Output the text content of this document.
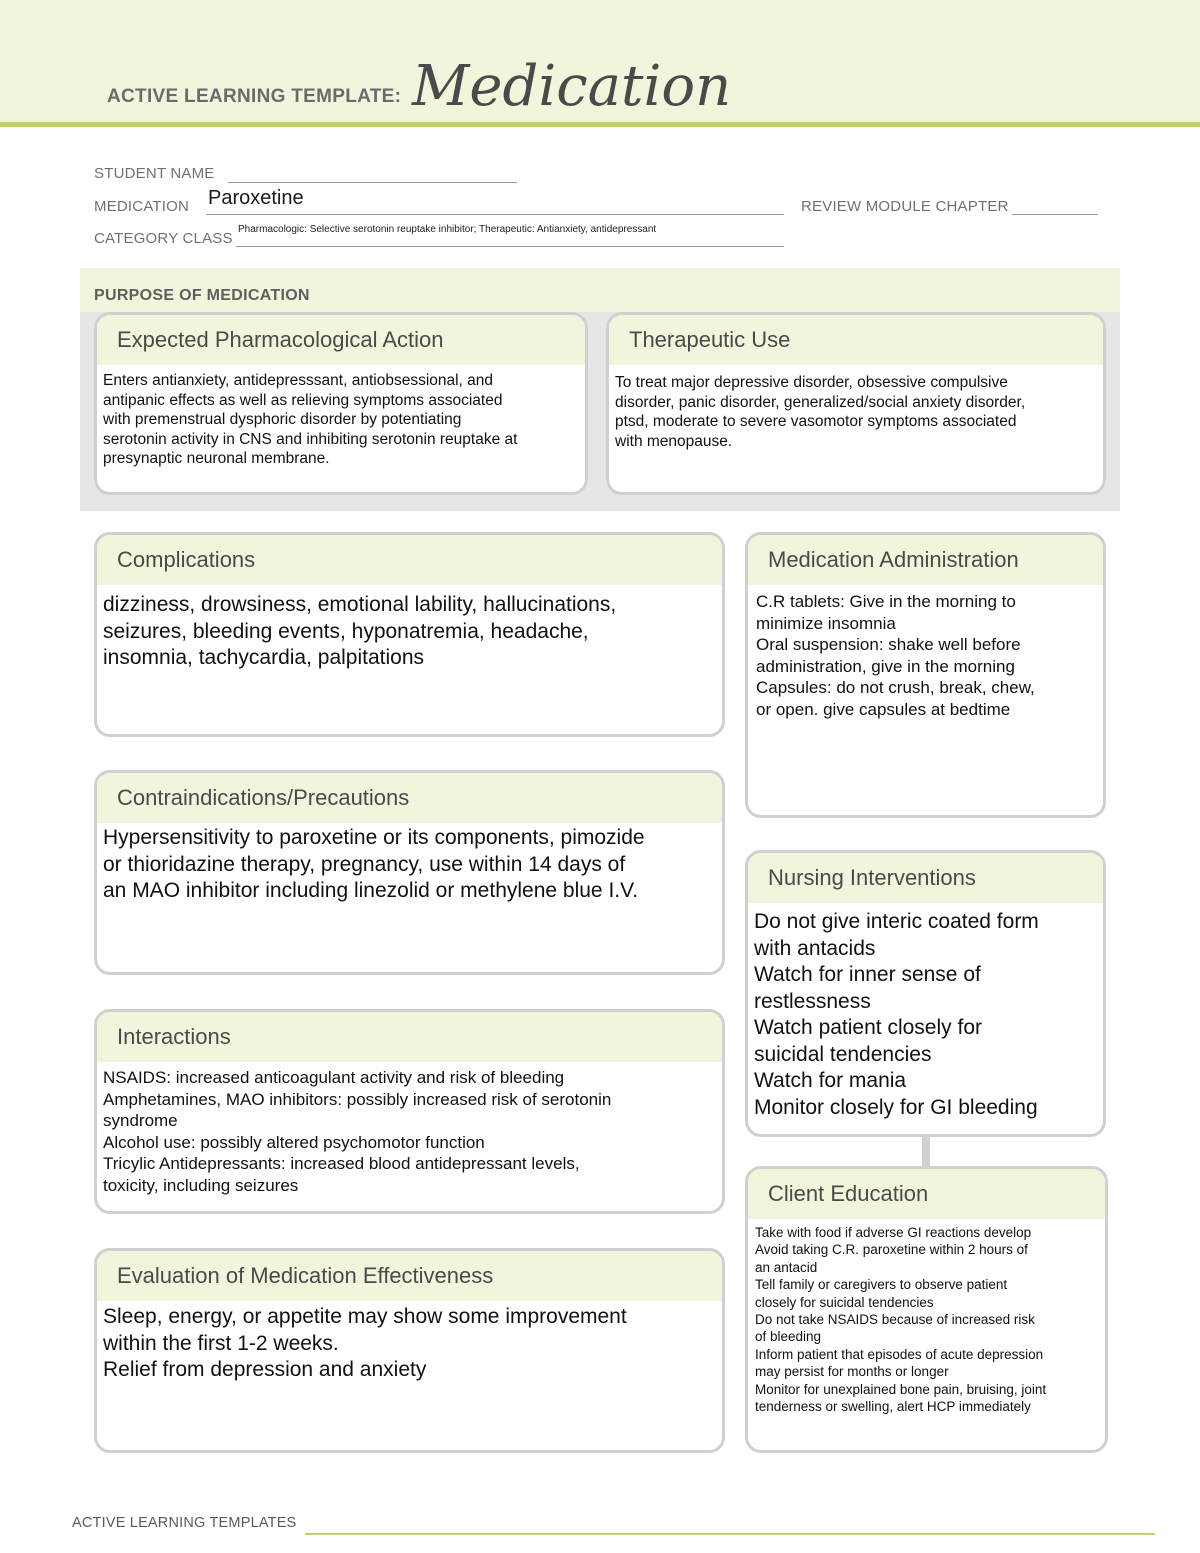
ACTIVE LEARNING TEMPLATE: Medication
STUDENT NAME
MEDICATION Paroxetine	REVIEW MODULE CHAPTER
CATEGORY CLASS
Pharmacologic: Selective serotonin reuptake inhibitor; Therapeutic: Antianxiety, antidepressant
PURPOSE OF MEDICATION
Expected Pharmacological Action
Enters antianxiety, antidepresssant, antiobsessional, and
antipanic effects as well as relieving symptoms associated
with premenstrual dysphoric disorder by potentiating
serotonin activity in CNS and inhibiting serotonin reuptake at
presynaptic neuronal membrane.
Therapeutic Use
To treat major depressive disorder, obsessive compulsive
disorder, panic disorder, generalized/social anxiety disorder,
ptsd, moderate to severe vasomotor symptoms associated
with menopause.
Complications
dizziness, drowsiness, emotional lability, hallucinations,
seizures, bleeding events, hyponatremia, headache,
insomnia, tachycardia, palpitations
Contraindications/Precautions
Hypersensitivity to paroxetine or its components, pimozide
or thioridazine therapy, pregnancy, use within 14 days of
an MAO inhibitor including linezolid or methylene blue I.V.
Interactions
NSAIDS: increased anticoagulant activity and risk of bleeding
Amphetamines, MAO inhibitors: possibly increased risk of serotonin
syndrome
Alcohol use: possibly altered psychomotor function
Tricylic Antidepressants: increased blood antidepressant levels,
toxicity, including seizures
Evaluation of Medication Effectiveness
Sleep, energy, or appetite may show some improvement
within the first 1-2 weeks.
Relief from depression and anxiety
Medication Administration
C.R tablets: Give in the morning to
minimize insomnia
Oral suspension: shake well before
administration, give in the morning
Capsules: do not crush, break, chew,
or open. give capsules at bedtime
Nursing Interventions
Do not give interic coated form
with antacids
Watch for inner sense of
restlessness
Watch patient closely for
suicidal tendencies
Watch for mania
Monitor closely for GI bleeding
Client Education
Take with food if adverse GI reactions develop
Avoid taking C.R. paroxetine within 2 hours of
an antacid
Tell family or caregivers to observe patient
closely for suicidal tendencies
Do not take NSAIDS because of increased risk
of bleeding
Inform patient that episodes of acute depression
may persist for months or longer
Monitor for unexplained bone pain, bruising, joint
tenderness or swelling, alert HCP immediately
ACTIVE LEARNING TEMPLATES
